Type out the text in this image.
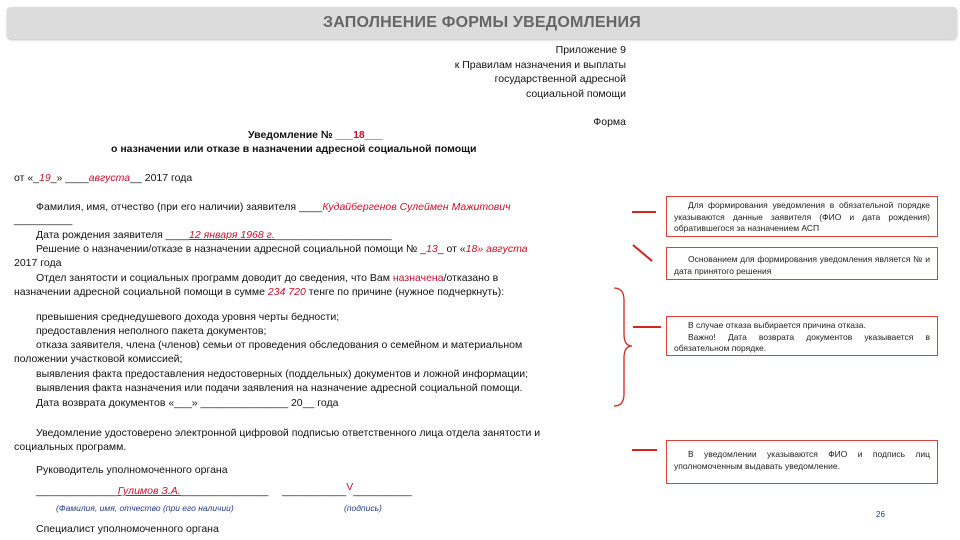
ЗАПОЛНЕНИЕ ФОРМЫ УВЕДОМЛЕНИЯ
Приложение 9
к Правилам назначения и выплаты
государственной адресной
социальной помощи
Форма
Уведомление № ___18___
о назначении или отказе в назначении адресной социальной помощи
от «_19_» ____августа__ 2017 года
Фамилия, имя, отчество (при его наличии) заявителя ____Кудайбергенов Сулеймен Мажитович
__________
Дата рождения заявителя ____12 января 1968 г.____________________
Решение о назначении/отказе в назначении адресной социальной помощи № _13_ от «18» августа
2017 года
Отдел занятости и социальных программ доводит до сведения, что Вам назначена/отказано в
назначении адресной социальной помощи в сумме 234 720 тенге по причине (нужное подчеркнуть):
превышения среднедушевого дохода уровня черты бедности;
предоставления неполного пакета документов;
отказа заявителя, члена (членов) семьи от проведения обследования о семейном и материальном
положении участковой комиссией;
выявления факта предоставления недостоверных (поддельных) документов и ложной информации;
выявления факта назначения или подачи заявления на назначение адресной социальной помощи.
Дата возврата документов «___» _______________ 20__ года
Уведомление удостоверено электронной цифровой подписью ответственного лица отдела занятости и
социальных программ.
Руководитель уполномоченного органа
______________Гулимов З.А._______________ ___________V__________
(Фамилия, имя, отчество (при его наличии)	(подпись)
Специалист уполномоченного органа

Для формирования уведомления в обязательной порядке указываются данные заявителя (ФИО и дата рождения) обратившегося за назначением АСП

Основанием для формирования уведомления является № и дата принятого решения

В случае отказа выбирается причина отказа.

Важно! Дата возврата документов указывается в обязательном порядке.

В уведомлении указываются ФИО и подпись лиц уполномоченным выдавать уведомление.

26
